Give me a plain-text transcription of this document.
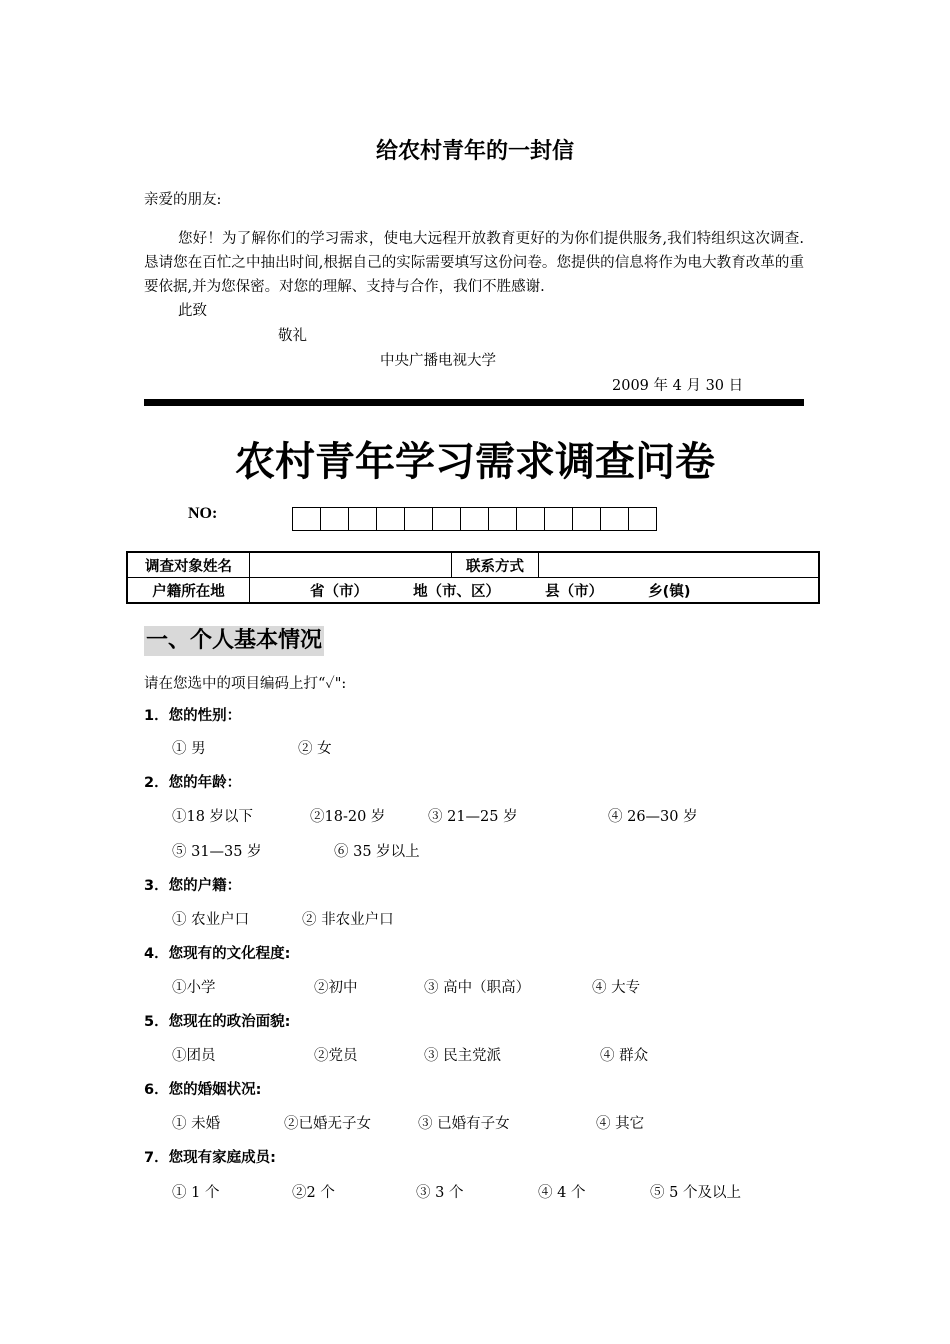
给农村青年的一封信
亲爱的朋友:
您好！为了解你们的学习需求，使电大远程开放教育更好的为你们提供服务,我们特组织这次调查.恳请您在百忙之中抽出时间,根据自己的实际需要填写这份问卷。您提供的信息将作为电大教育改革的重要依据,并为您保密。对您的理解、支持与合作，我们不胜感谢.
此致
敬礼
中央广播电视大学
2009 年 4 月 30 日
农村青年学习需求调查问卷
NO:
调查对象姓名		联系方式	
户籍所在地	省（市） 地（市、区） 县（市） 乡(镇)		
一、个人基本情况
请在您选中的项目编码上打“✓":
1．您的性别：
① 男	② 女
2．您的年龄：
①18 岁以下	②18-20 岁	③ 21—25 岁	④ 26—30 岁
⑤ 31—35 岁	⑥ 35 岁以上
3．您的户籍：
① 农业户口	② 非农业户口
4．您现有的文化程度:
①小学	②初中	③ 高中（职高）	④ 大专
5．您现在的政治面貌:
①团员	②党员	③ 民主党派	④ 群众
6．您的婚姻状况:
① 未婚	②已婚无子女	③ 已婚有子女	④ 其它
7．您现有家庭成员:
① 1 个	②2 个	③ 3 个	④ 4 个	⑤ 5 个及以上
